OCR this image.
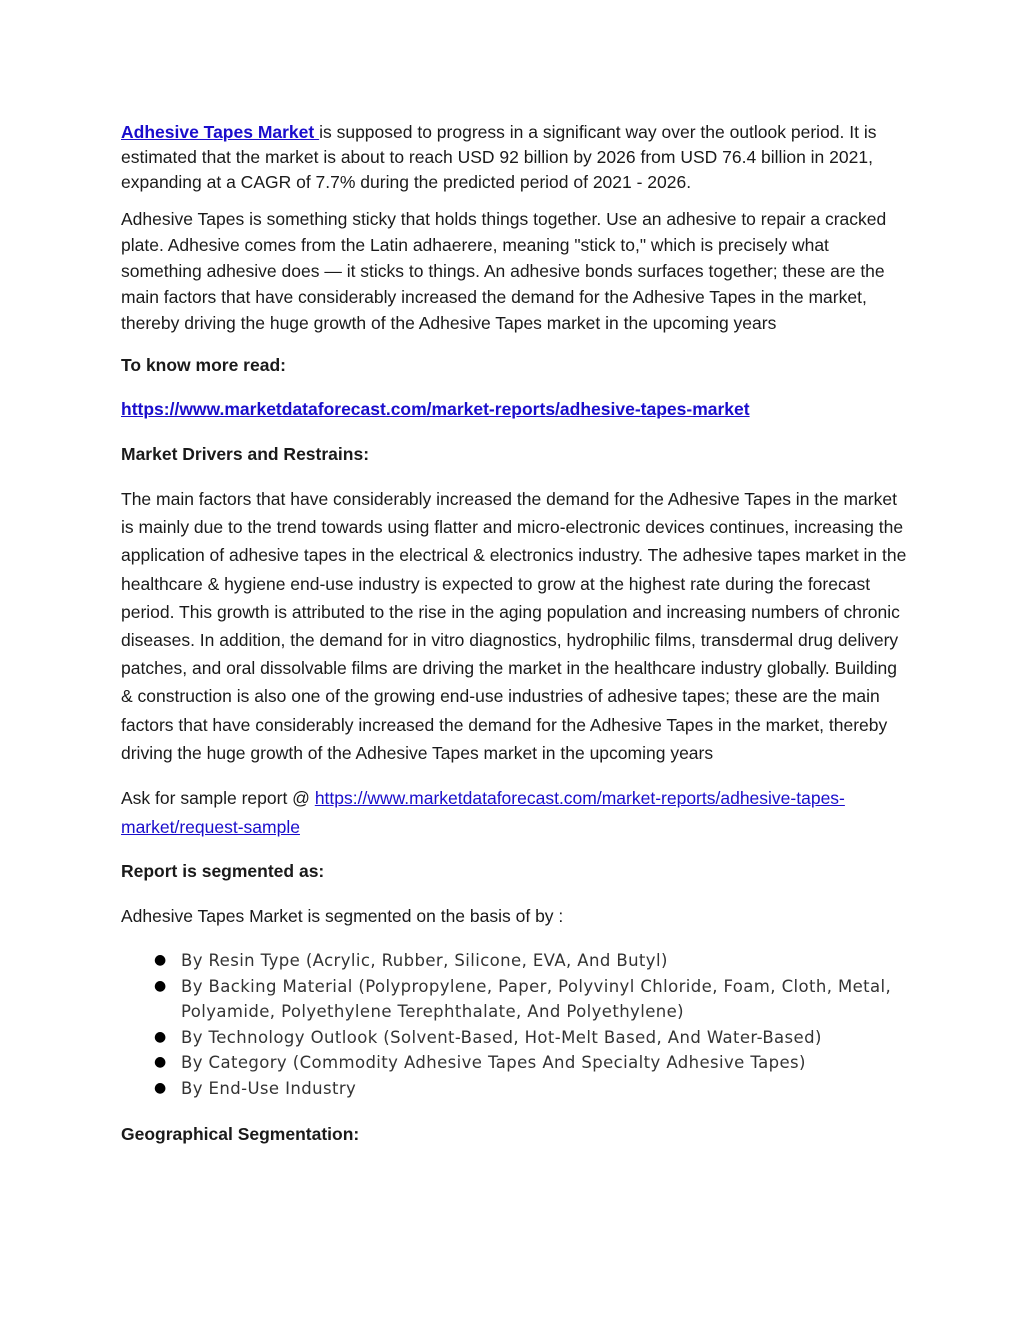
Adhesive Tapes Market is supposed to progress in a significant way over the outlook period. It is estimated that the market is about to reach USD 92 billion by 2026 from USD 76.4 billion in 2021, expanding at a CAGR of 7.7% during the predicted period of 2021 - 2026.

Adhesive Tapes is something sticky that holds things together. Use an adhesive to repair a cracked plate. Adhesive comes from the Latin adhaerere, meaning "stick to," which is precisely what something adhesive does — it sticks to things. An adhesive bonds surfaces together; these are the main factors that have considerably increased the demand for the Adhesive Tapes in the market, thereby driving the huge growth of the Adhesive Tapes market in the upcoming years

To know more read:

https://www.marketdataforecast.com/market-reports/adhesive-tapes-market

Market Drivers and Restrains:

The main factors that have considerably increased the demand for the Adhesive Tapes in the market is mainly due to the trend towards using flatter and micro-electronic devices continues, increasing the application of adhesive tapes in the electrical & electronics industry. The adhesive tapes market in the healthcare & hygiene end-use industry is expected to grow at the highest rate during the forecast period. This growth is attributed to the rise in the aging population and increasing numbers of chronic diseases. In addition, the demand for in vitro diagnostics, hydrophilic films, transdermal drug delivery patches, and oral dissolvable films are driving the market in the healthcare industry globally. Building & construction is also one of the growing end-use industries of adhesive tapes; these are the main factors that have considerably increased the demand for the Adhesive Tapes in the market, thereby driving the huge growth of the Adhesive Tapes market in the upcoming years

Ask for sample report @ https://www.marketdataforecast.com/market-reports/adhesive-tapes-market/request-sample

Report is segmented as:

Adhesive Tapes Market is segmented on the basis of by :

● By Resin Type (Acrylic, Rubber, Silicone, EVA, And Butyl)
● By Backing Material (Polypropylene, Paper, Polyvinyl Chloride, Foam, Cloth, Metal, Polyamide, Polyethylene Terephthalate, And Polyethylene)
● By Technology Outlook (Solvent-Based, Hot-Melt Based, And Water-Based)
● By Category (Commodity Adhesive Tapes And Specialty Adhesive Tapes)
● By End-Use Industry

Geographical Segmentation:
